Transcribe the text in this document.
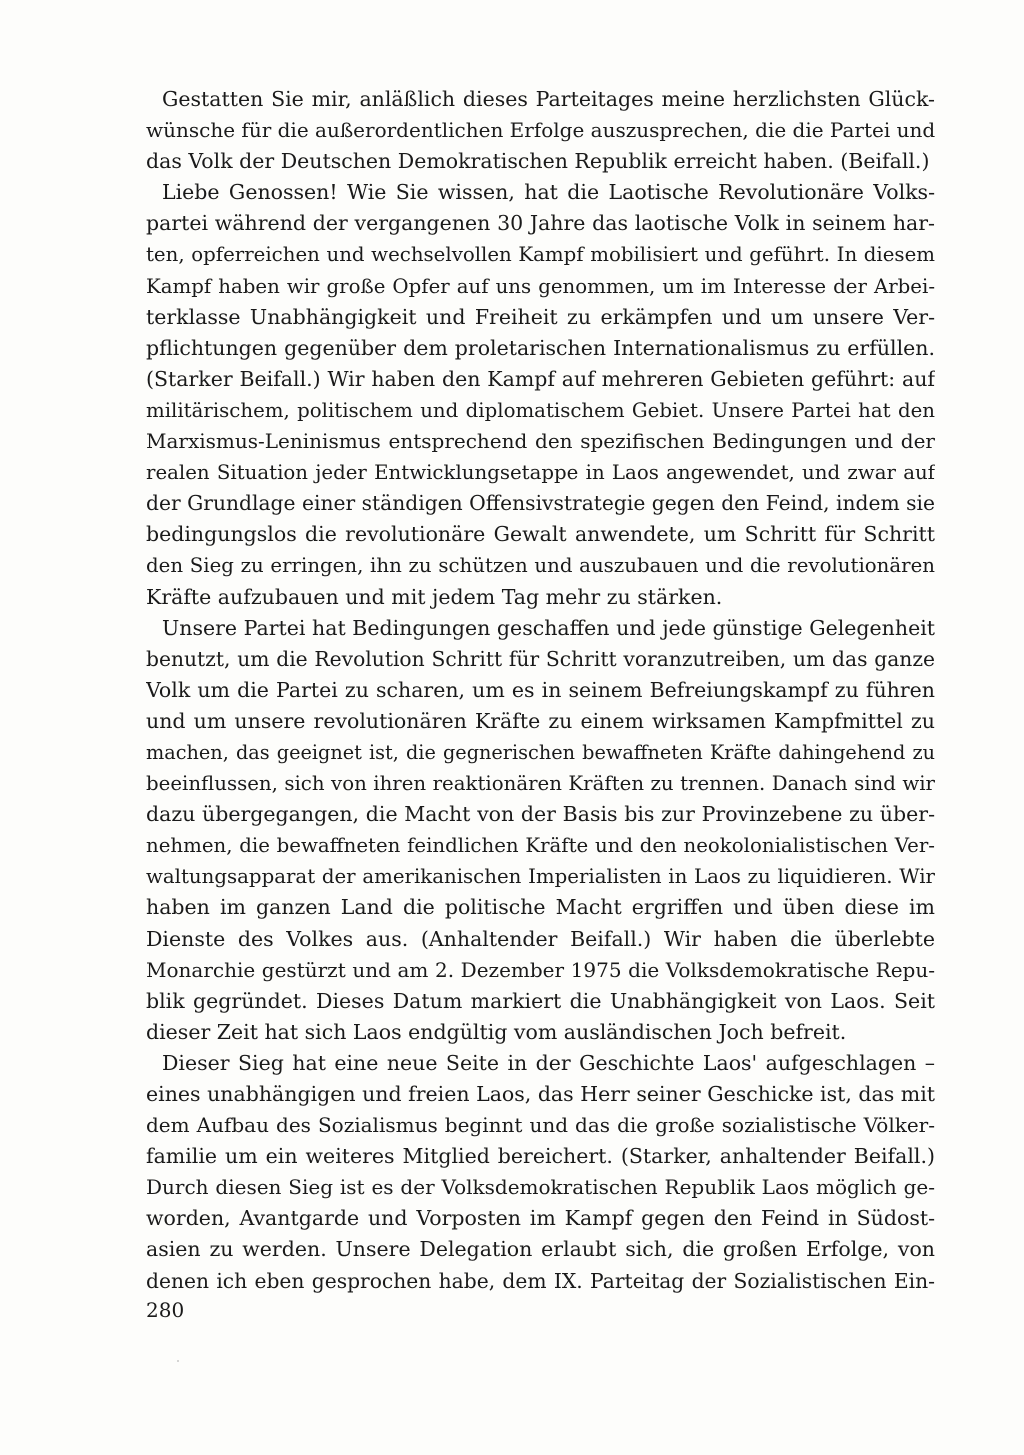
Gestatten Sie mir, anläßlich dieses Parteitages meine herzlichsten Glück-
wünsche für die außerordentlichen Erfolge auszusprechen, die die Partei und
das Volk der Deutschen Demokratischen Republik erreicht haben. (Beifall.)
Liebe Genossen! Wie Sie wissen, hat die Laotische Revolutionäre Volks-
partei während der vergangenen 30 Jahre das laotische Volk in seinem har-
ten, opferreichen und wechselvollen Kampf mobilisiert und geführt. In diesem
Kampf haben wir große Opfer auf uns genommen, um im Interesse der Arbei-
terklasse Unabhängigkeit und Freiheit zu erkämpfen und um unsere Ver-
pflichtungen gegenüber dem proletarischen Internationalismus zu erfüllen.
(Starker Beifall.) Wir haben den Kampf auf mehreren Gebieten geführt: auf
militärischem, politischem und diplomatischem Gebiet. Unsere Partei hat den
Marxismus-Leninismus entsprechend den spezifischen Bedingungen und der
realen Situation jeder Entwicklungsetappe in Laos angewendet, und zwar auf
der Grundlage einer ständigen Offensivstrategie gegen den Feind, indem sie
bedingungslos die revolutionäre Gewalt anwendete, um Schritt für Schritt
den Sieg zu erringen, ihn zu schützen und auszubauen und die revolutionären
Kräfte aufzubauen und mit jedem Tag mehr zu stärken.
Unsere Partei hat Bedingungen geschaffen und jede günstige Gelegenheit
benutzt, um die Revolution Schritt für Schritt voranzutreiben, um das ganze
Volk um die Partei zu scharen, um es in seinem Befreiungskampf zu führen
und um unsere revolutionären Kräfte zu einem wirksamen Kampfmittel zu
machen, das geeignet ist, die gegnerischen bewaffneten Kräfte dahingehend zu
beeinflussen, sich von ihren reaktionären Kräften zu trennen. Danach sind wir
dazu übergegangen, die Macht von der Basis bis zur Provinzebene zu über-
nehmen, die bewaffneten feindlichen Kräfte und den neokolonialistischen Ver-
waltungsapparat der amerikanischen Imperialisten in Laos zu liquidieren. Wir
haben im ganzen Land die politische Macht ergriffen und üben diese im
Dienste des Volkes aus. (Anhaltender Beifall.) Wir haben die überlebte
Monarchie gestürzt und am 2. Dezember 1975 die Volksdemokratische Repu-
blik gegründet. Dieses Datum markiert die Unabhängigkeit von Laos. Seit
dieser Zeit hat sich Laos endgültig vom ausländischen Joch befreit.
Dieser Sieg hat eine neue Seite in der Geschichte Laos' aufgeschlagen –
eines unabhängigen und freien Laos, das Herr seiner Geschicke ist, das mit
dem Aufbau des Sozialismus beginnt und das die große sozialistische Völker-
familie um ein weiteres Mitglied bereichert. (Starker, anhaltender Beifall.)
Durch diesen Sieg ist es der Volksdemokratischen Republik Laos möglich ge-
worden, Avantgarde und Vorposten im Kampf gegen den Feind in Südost-
asien zu werden. Unsere Delegation erlaubt sich, die großen Erfolge, von
denen ich eben gesprochen habe, dem IX. Parteitag der Sozialistischen Ein-
280
